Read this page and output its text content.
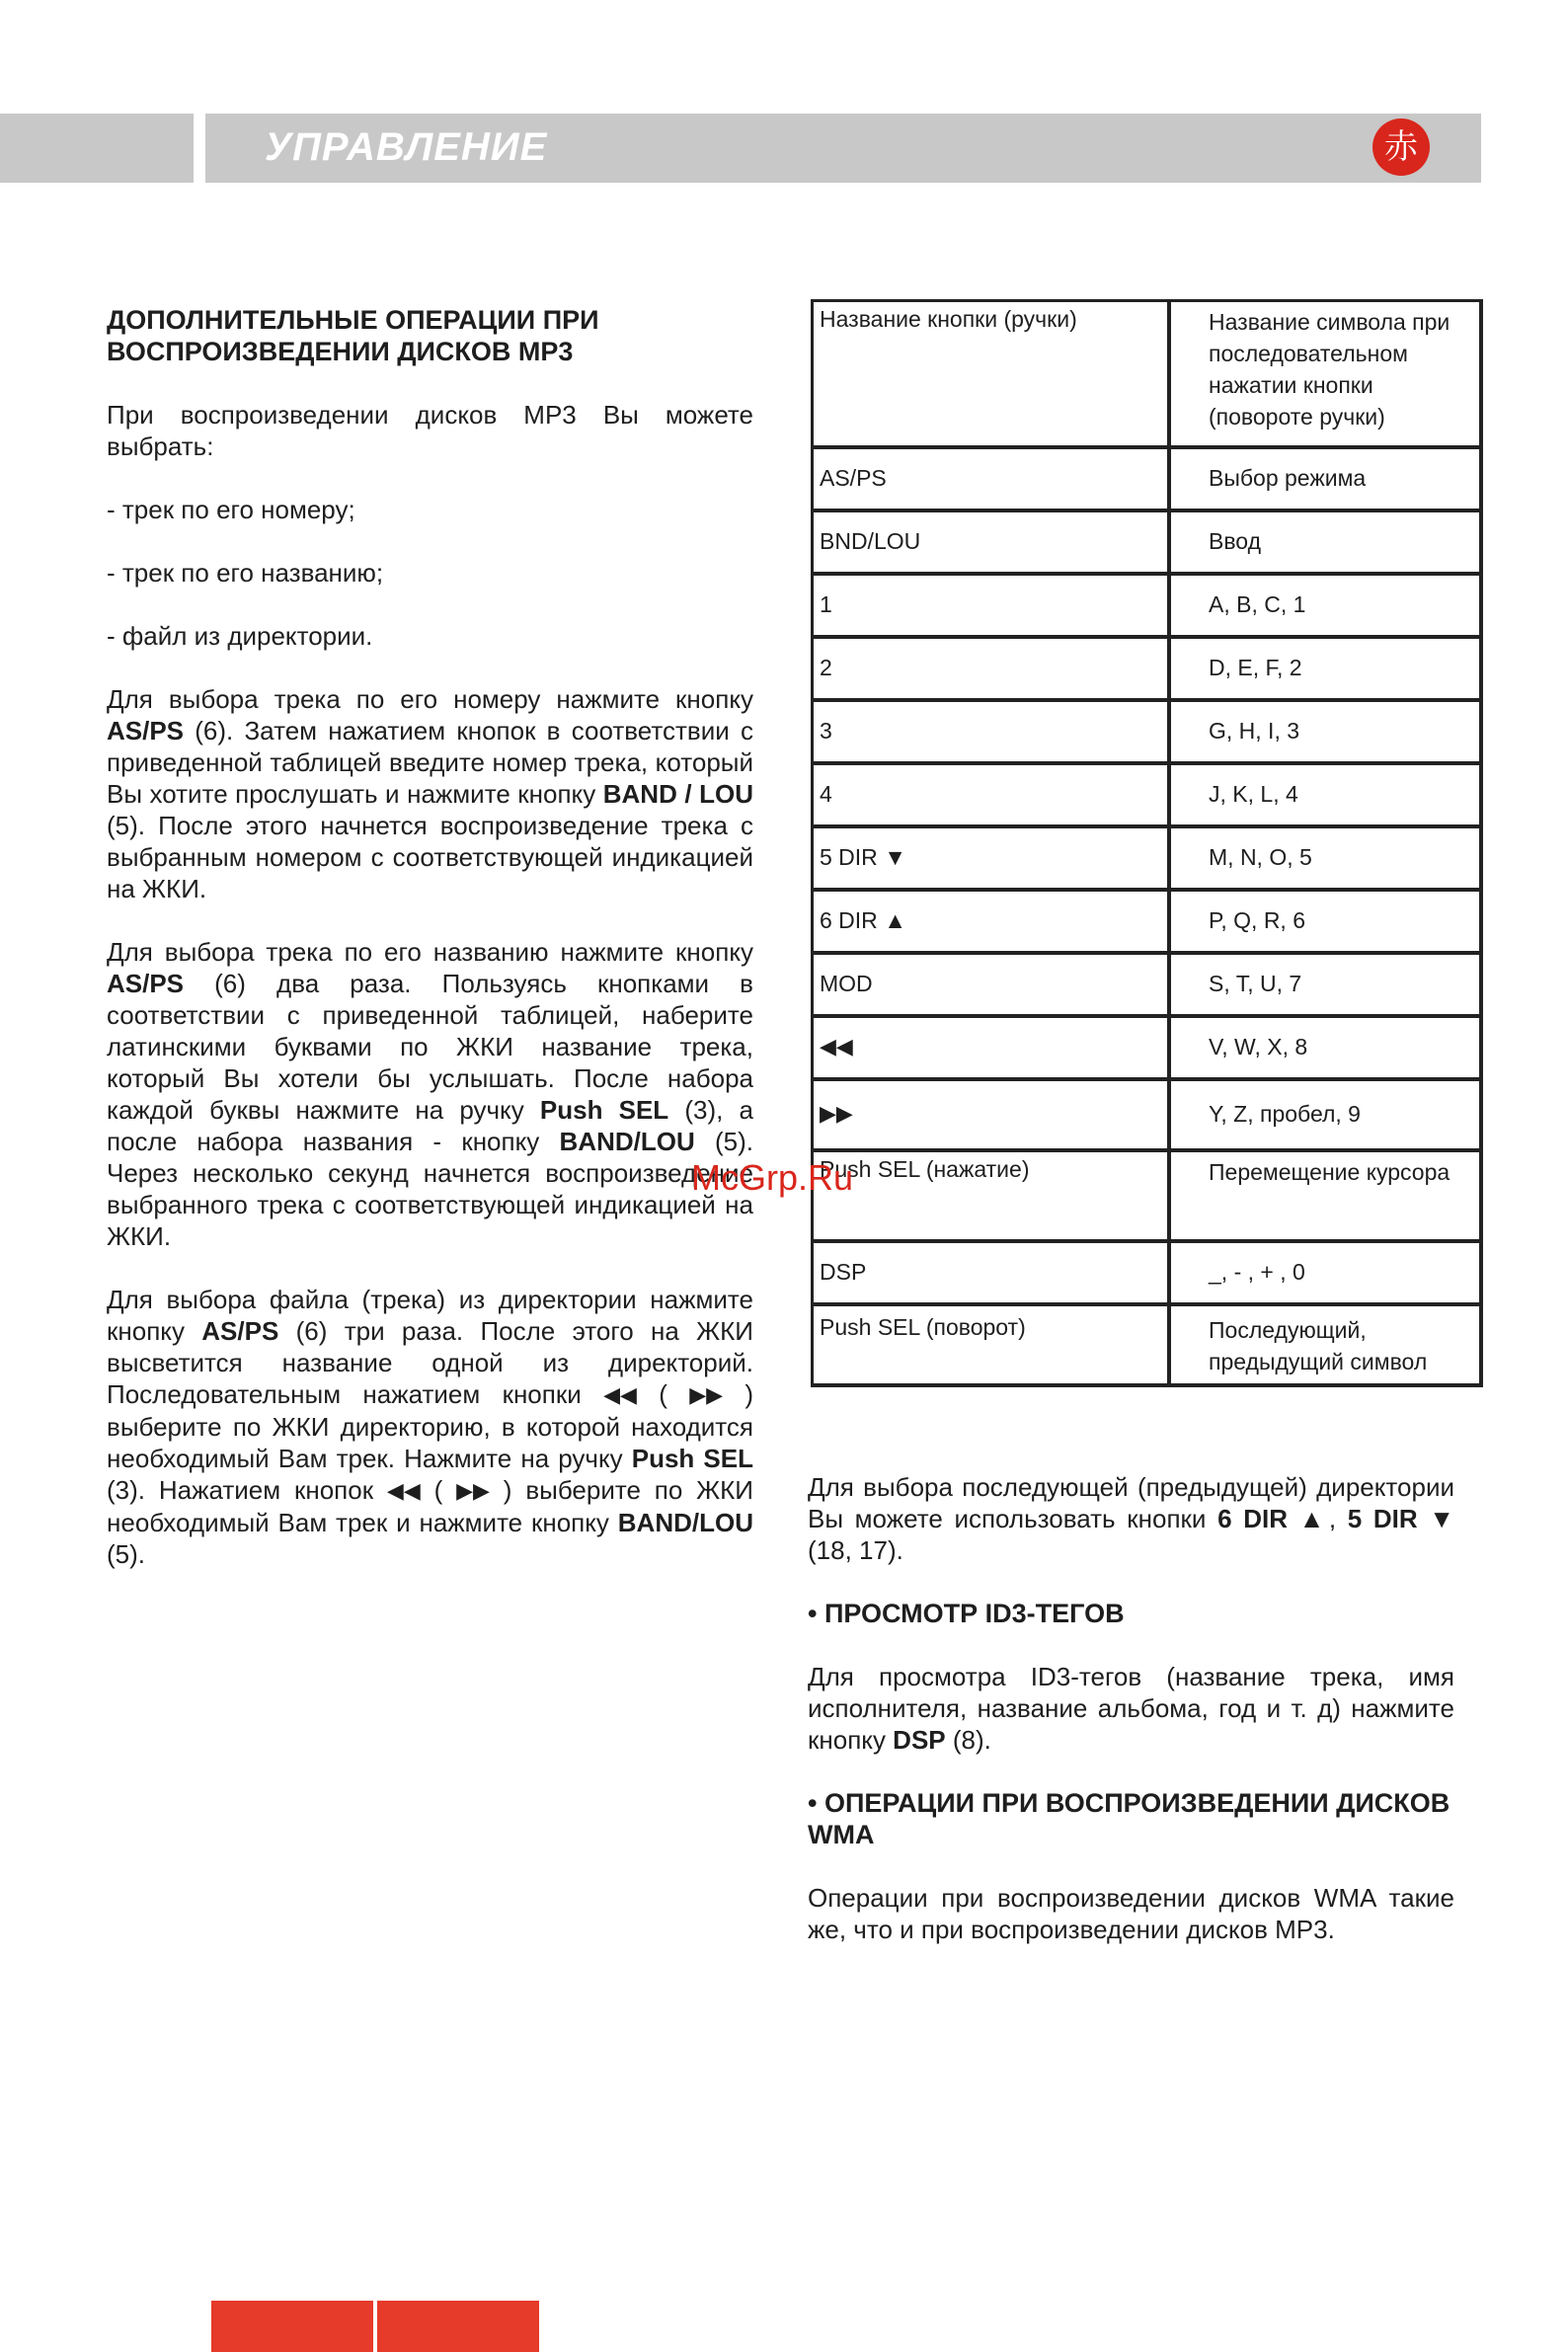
УПРАВЛЕНИЕ	赤
ДОПОЛНИТЕЛЬНЫЕ ОПЕРАЦИИ ПРИ ВОСПРОИЗВЕДЕНИИ ДИСКОВ MP3

При воспроизведении дисков MP3 Вы можете выбрать:

- трек по его номеру;

- трек по его названию;

- файл из директории.

Для выбора трека по его номеру нажмите кнопку AS/PS (6). Затем нажатием кнопок в соответствии с приведенной таблицей введите номер трека, который Вы хотите прослушать и нажмите кнопку BAND / LOU (5). После этого начнется воспроизведение трека с выбранным номером с соответствующей индикацией на ЖКИ.

Для выбора трека по его названию нажмите кнопку AS/PS (6) два раза. Пользуясь кнопками в соответствии с приведенной таблицей, наберите латинскими буквами по ЖКИ название трека, который Вы хотели бы услышать. После набора каждой буквы нажмите на ручку Push SEL (3), а после набора названия - кнопку BAND/LOU (5). Через несколько секунд начнется воспроизведение выбранного трека с соответствующей индикацией на ЖКИ.

Для выбора файла (трека) из директории нажмите кнопку AS/PS (6) три раза. После этого на ЖКИ высветится название одной из директорий. Последовательным нажатием кнопки ◀◀ ( ▶▶ ) выберите по ЖКИ директорию, в которой находится необходимый Вам трек. Нажмите на ручку Push SEL (3). Нажатием кнопок ◀◀ ( ▶▶ ) выберите по ЖКИ необходимый Вам трек и нажмите кнопку BAND/LOU (5).

Название кнопки (ручки)	Название символа при последовательном нажатии кнопки (повороте ручки)
AS/PS	Выбор режима
BND/LOU	Ввод
1	A, B, C, 1
2	D, E, F, 2
3	G, H, I, 3
4	J, K, L, 4
5 DIR ▼	M, N, O, 5
6 DIR ▲	P, Q, R, 6
MOD	S, T, U, 7
◀◀	V, W, X, 8
▶▶	Y, Z, пробел, 9
Push SEL (нажатие)	Перемещение курсора
DSP	_, - , + , 0
Push SEL (поворот)	Последующий, предыдущий символ
McGrp.Ru

Для выбора последующей (предыдущей) директории Вы можете использовать кнопки 6 DIR ▲, 5 DIR ▼ (18, 17).

• ПРОСМОТР ID3-ТЕГОВ

Для просмотра ID3-тегов (название трека, имя исполнителя, название альбома, год и т. д) нажмите кнопку DSP (8).

• ОПЕРАЦИИ ПРИ ВОСПРОИЗВЕДЕНИИ ДИСКОВ WMA

Операции при воспроизведении дисков WMA такие же, что и при воспроизведении дисков MP3.
